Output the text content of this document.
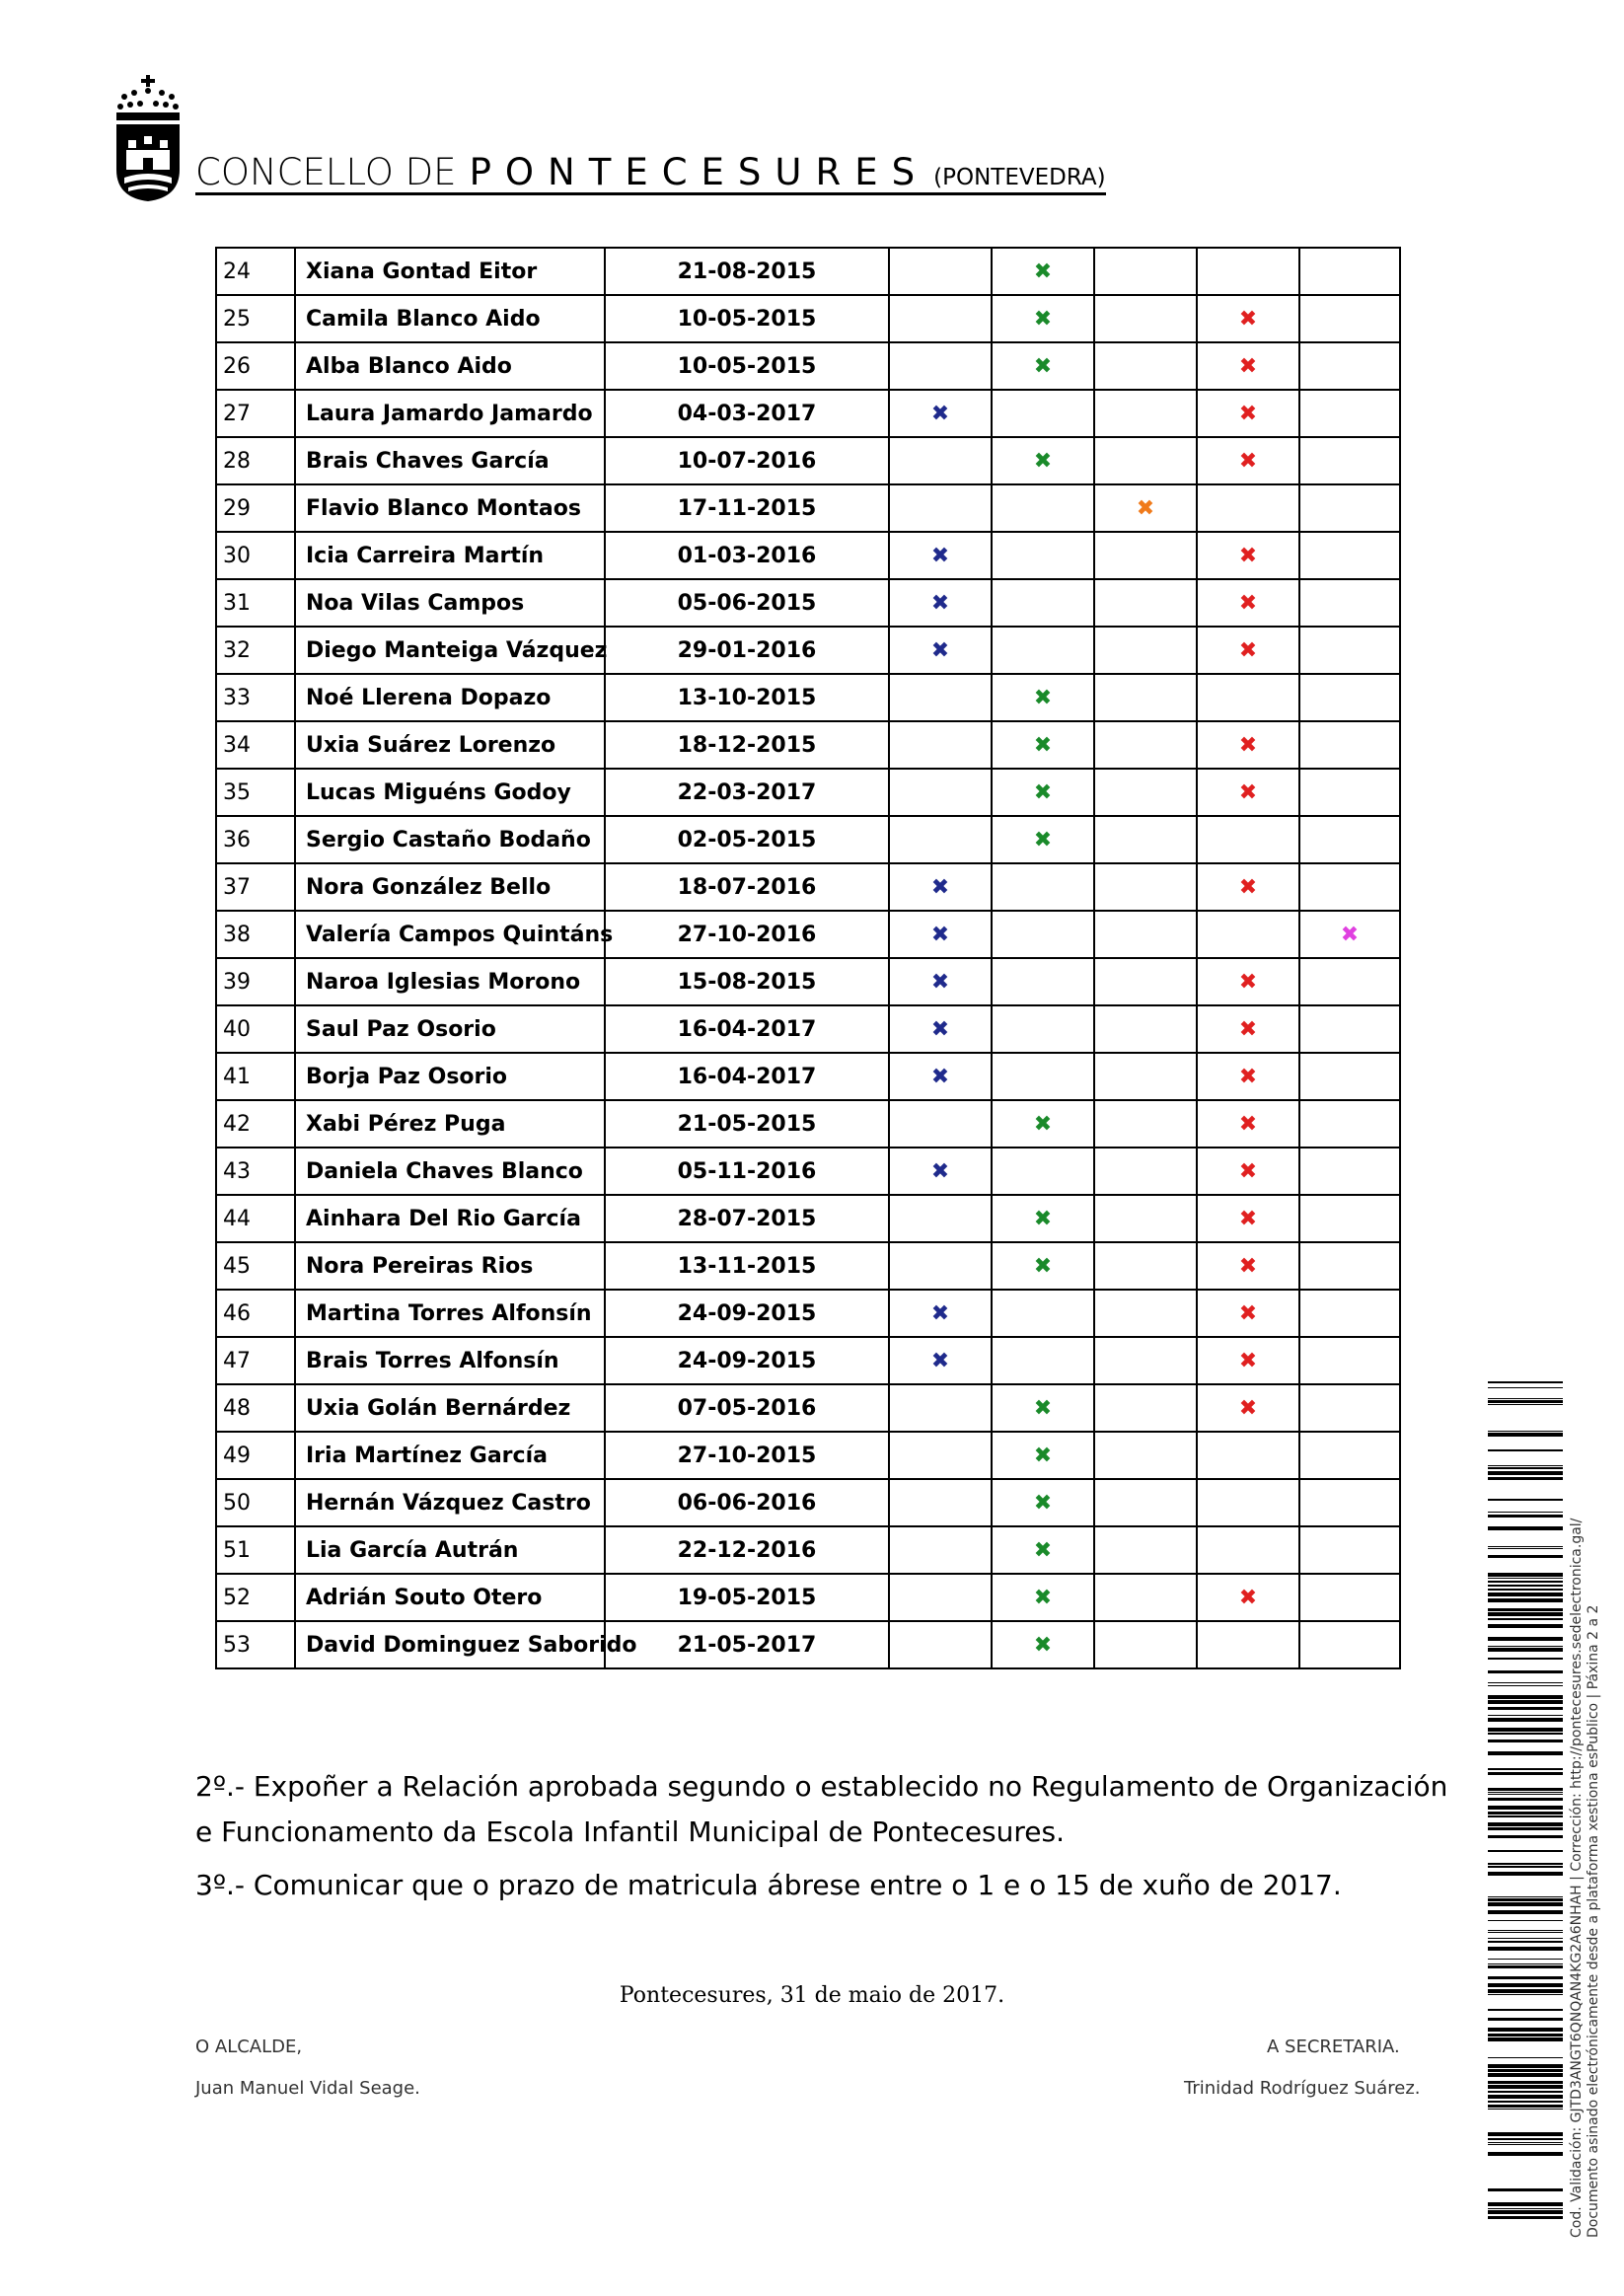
CONCELLO DE PONTECESURES (PONTEVEDRA)
24	Xiana Gontad Eitor	21-08-2015		✖			
25	Camila Blanco Aido	10-05-2015		✖		✖	
26	Alba Blanco Aido	10-05-2015		✖		✖	
27	Laura Jamardo Jamardo	04-03-2017	✖			✖	
28	Brais Chaves García	10-07-2016		✖		✖	
29	Flavio Blanco Montaos	17-11-2015			✖		
30	Icia Carreira Martín	01-03-2016	✖			✖	
31	Noa Vilas Campos	05-06-2015	✖			✖	
32	Diego Manteiga Vázquez	29-01-2016	✖			✖	
33	Noé Llerena Dopazo	13-10-2015		✖			
34	Uxia Suárez Lorenzo	18-12-2015		✖		✖	
35	Lucas Miguéns Godoy	22-03-2017		✖		✖	
36	Sergio Castaño Bodaño	02-05-2015		✖			
37	Nora González Bello	18-07-2016	✖			✖	
38	Valería Campos Quintáns	27-10-2016	✖				✖
39	Naroa Iglesias Morono	15-08-2015	✖			✖	
40	Saul Paz Osorio	16-04-2017	✖			✖	
41	Borja Paz Osorio	16-04-2017	✖			✖	
42	Xabi Pérez Puga	21-05-2015		✖		✖	
43	Daniela Chaves Blanco	05-11-2016	✖			✖	
44	Ainhara Del Rio García	28-07-2015		✖		✖	
45	Nora Pereiras Rios	13-11-2015		✖		✖	
46	Martina Torres Alfonsín	24-09-2015	✖			✖	
47	Brais Torres Alfonsín	24-09-2015	✖			✖	
48	Uxia Golán Bernárdez	07-05-2016		✖		✖	
49	Iria Martínez García	27-10-2015		✖			
50	Hernán Vázquez Castro	06-06-2016		✖			
51	Lia García Autrán	22-12-2016		✖			
52	Adrián Souto Otero	19-05-2015		✖		✖	
53	David Dominguez Saborido	21-05-2017		✖			
2º.- Expoñer a Relación aprobada segundo o establecido no Regulamento de Organización e Funcionamento da Escola Infantil Municipal de Pontecesures.
3º.- Comunicar que o prazo de matricula ábrese entre o 1 e o 15 de xuño de 2017.
Pontecesures, 31 de maio de 2017.
O ALCALDE,
Juan Manuel Vidal Seage.
A SECRETARIA.
Trinidad Rodríguez Suárez.	Cod. Validación: GJTD3ANGT6QNQAN4KG2A6NHAH | Corrección: http://pontecesures.sedelectronica.gal/ Documento asinado electrónicamente desde a plataforma xestiona esPublico | Páxina 2 a 2
